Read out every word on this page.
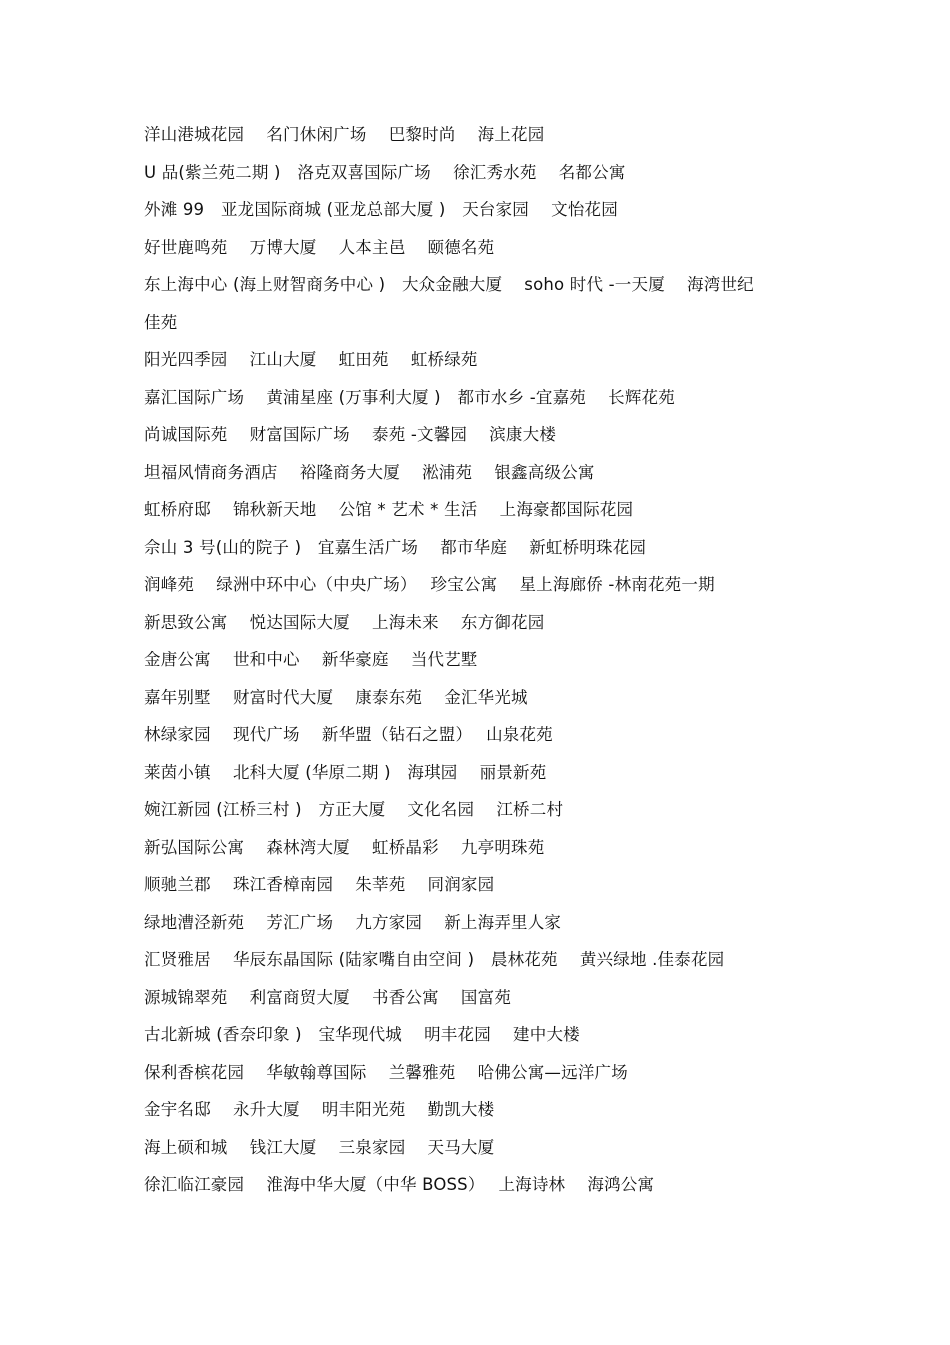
洋山港城花园　 名门休闲广场　 巴黎时尚　 海上花园
U 品(紫兰苑二期 )　洛克双喜国际广场　 徐汇秀水苑　 名都公寓
外滩 99　亚龙国际商城 (亚龙总部大厦 )　天台家园　 文怡花园
好世鹿鸣苑　 万博大厦　 人本主邑　 颐德名苑
东上海中心 (海上财智商务中心 )　大众金融大厦　 soho 时代 -一天厦　 海湾世纪
佳苑
阳光四季园　 江山大厦　 虹田苑　 虹桥绿苑
嘉汇国际广场　 黄浦星座 (万事利大厦 )　都市水乡 -宜嘉苑　 长辉花苑
尚诚国际苑　 财富国际广场　 泰苑 -文馨园　 滨康大楼
坦福风情商务酒店　 裕隆商务大厦　 淞浦苑　 银鑫高级公寓
虹桥府邸　 锦秋新天地　 公馆 * 艺术 * 生活　 上海豪都国际花园
佘山 3 号(山的院子 )　宜嘉生活广场　 都市华庭　 新虹桥明珠花园
润峰苑　 绿洲中环中心（中央广场）　 珍宝公寓　 星上海廊侨 -林南花苑一期
新思致公寓　 悦达国际大厦　 上海未来　 东方御花园
金唐公寓　 世和中心　 新华豪庭　 当代艺墅
嘉年别墅　 财富时代大厦　 康泰东苑　 金汇华光城
林绿家园　 现代广场　 新华盟（钻石之盟）　 山泉花苑
莱茵小镇　 北科大厦 (华原二期 )　海琪园　 丽景新苑
婉江新园 (江桥三村 )　方正大厦　 文化名园　 江桥二村
新弘国际公寓　 森林湾大厦　 虹桥晶彩　 九亭明珠苑
顺驰兰郡　 珠江香樟南园　 朱莘苑　 同润家园
绿地漕泾新苑　 芳汇广场　 九方家园　 新上海弄里人家
汇贤雅居　 华辰东晶国际 (陆家嘴自由空间 )　晨林花苑　 黄兴绿地 .佳泰花园
源城锦翠苑　 利富商贸大厦　 书香公寓　 国富苑
古北新城 (香奈印象 )　宝华现代城　 明丰花园　 建中大楼
保利香槟花园　 华敏翰尊国际　 兰馨雅苑　 哈佛公寓—远洋广场
金宇名邸　 永升大厦　 明丰阳光苑　 勤凯大楼
海上硕和城　 钱江大厦　 三泉家园　 天马大厦
徐汇临江豪园　 淮海中华大厦（中华 BOSS）　 上海诗林　 海鸿公寓
